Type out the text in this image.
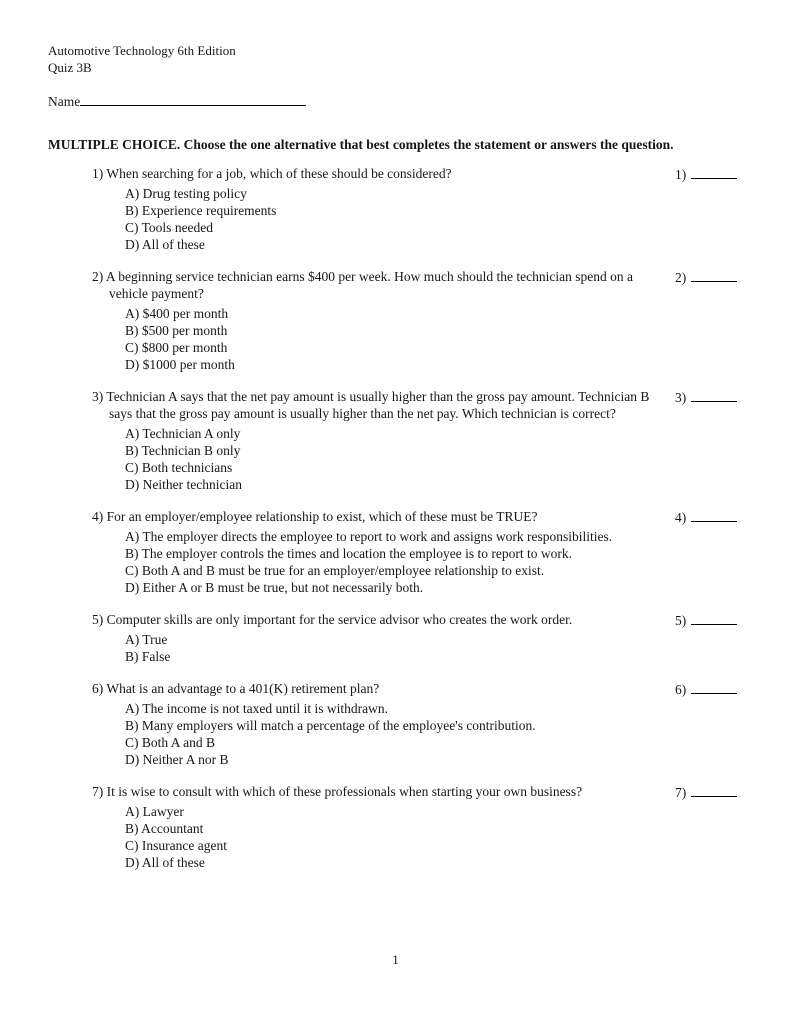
Automotive Technology 6th Edition
Quiz 3B
Name
MULTIPLE CHOICE. Choose the one alternative that best completes the statement or answers the question.
1) When searching for a job, which of these should be considered?
A) Drug testing policy
B) Experience requirements
C) Tools needed
D) All of these
1)
2) A beginning service technician earns $400 per week. How much should the technician spend on a vehicle payment?
A) $400 per month
B) $500 per month
C) $800 per month
D) $1000 per month
2)
3) Technician A says that the net pay amount is usually higher than the gross pay amount. Technician B says that the gross pay amount is usually higher than the net pay. Which technician is correct?
A) Technician A only
B) Technician B only
C) Both technicians
D) Neither technician
3)
4) For an employer/employee relationship to exist, which of these must be TRUE?
A) The employer directs the employee to report to work and assigns work responsibilities.
B) The employer controls the times and location the employee is to report to work.
C) Both A and B must be true for an employer/employee relationship to exist.
D) Either A or B must be true, but not necessarily both.
4)
5) Computer skills are only important for the service advisor who creates the work order.
A) True
B) False
5)
6) What is an advantage to a 401(K) retirement plan?
A) The income is not taxed until it is withdrawn.
B) Many employers will match a percentage of the employee's contribution.
C) Both A and B
D) Neither A nor B
6)
7) It is wise to consult with which of these professionals when starting your own business?
A) Lawyer
B) Accountant
C) Insurance agent
D) All of these
7)
1
